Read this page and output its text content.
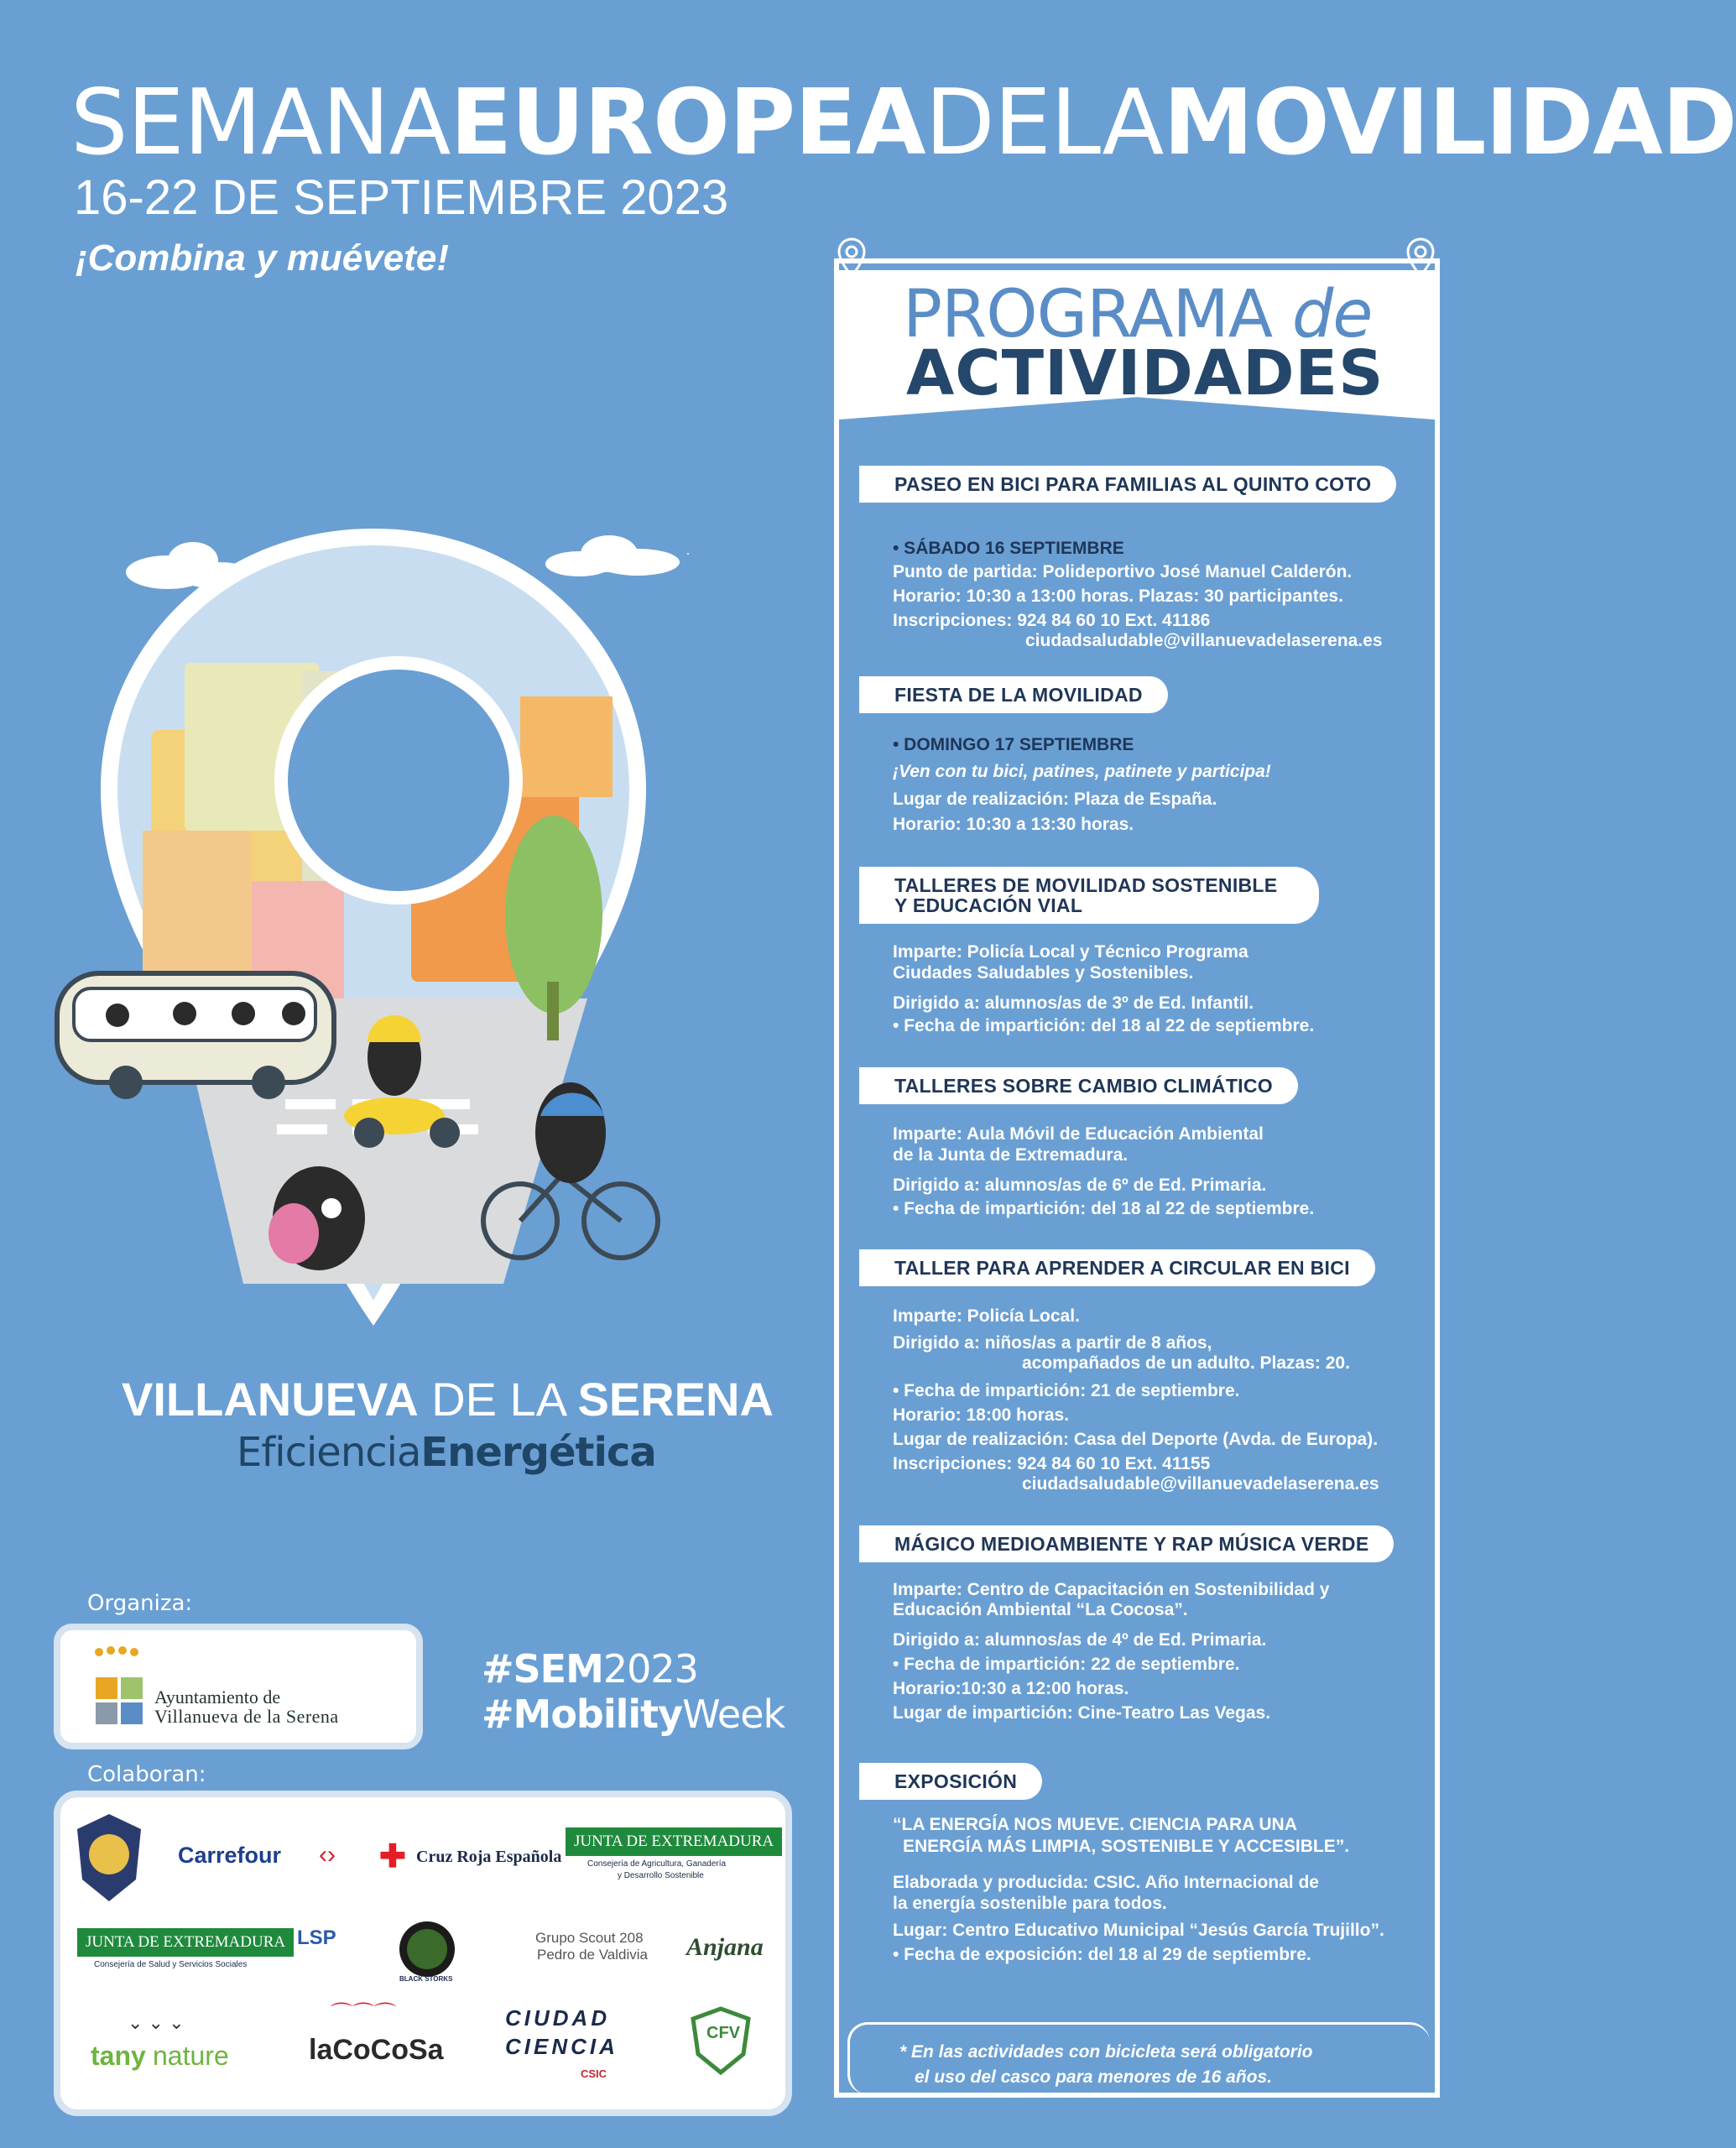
SEMANAEUROPEADELAMOVILIDAD
16-22 DE SEPTIEMBRE 2023
¡Combina y muévete!
VILLANUEVA DE LA SERENA
EficienciaEnergética
Organiza:
Ayuntamiento de
Villanueva de la Serena
#SEM2023
#MobilityWeek
Colaboran:
Carrefour ‹› ✚ Cruz Roja Española
JUNTA DE EXTREMADURA
Consejería de Agricultura, Ganadería
y Desarrollo Sostenible
JUNTA DE EXTREMADURA
Consejería de Salud y Servicios Sociales
LSP
BLACK STORKS
Grupo Scout 208
Pedro de Valdivia Anjana
tany nature
⌄ ⌄ ⌄	⌒⌒⌒
laCoCoSa
CIUDAD
CIENCIA
CSIC
CFV
PROGRAMA de
ACTIVIDADES
PASEO EN BICI PARA FAMILIAS AL QUINTO COTO
• SÁBADO 16 SEPTIEMBRE
Punto de partida: Polideportivo José Manuel Calderón.
Horario: 10:30 a 13:00 horas. Plazas: 30 participantes.
Inscripciones: 924 84 60 10 Ext. 41186
ciudadsaludable@villanuevadelaserena.es
FIESTA DE LA MOVILIDAD
• DOMINGO 17 SEPTIEMBRE
¡Ven con tu bici, patines, patinete y participa!
Lugar de realización: Plaza de España.
Horario: 10:30 a 13:30 horas.
TALLERES DE MOVILIDAD SOSTENIBLE
Y EDUCACIÓN VIAL
Imparte: Policía Local y Técnico Programa
Ciudades Saludables y Sostenibles.
Dirigido a: alumnos/as de 3º de Ed. Infantil.
• Fecha de impartición: del 18 al 22 de septiembre.
TALLERES SOBRE CAMBIO CLIMÁTICO
Imparte: Aula Móvil de Educación Ambiental
de la Junta de Extremadura.
Dirigido a: alumnos/as de 6º de Ed. Primaria.
• Fecha de impartición: del 18 al 22 de septiembre.
TALLER PARA APRENDER A CIRCULAR EN BICI
Imparte: Policía Local.
Dirigido a: niños/as a partir de 8 años,
acompañados de un adulto. Plazas: 20.
• Fecha de impartición: 21 de septiembre.
Horario: 18:00 horas.
Lugar de realización: Casa del Deporte (Avda. de Europa).
Inscripciones: 924 84 60 10 Ext. 41155
ciudadsaludable@villanuevadelaserena.es
MÁGICO MEDIOAMBIENTE Y RAP MÚSICA VERDE
Imparte: Centro de Capacitación en Sostenibilidad y
Educación Ambiental “La Cocosa”.
Dirigido a: alumnos/as de 4º de Ed. Primaria.
• Fecha de impartición: 22 de septiembre.
Horario:10:30 a 12:00 horas.
Lugar de impartición: Cine-Teatro Las Vegas.
EXPOSICIÓN
“LA ENERGÍA NOS MUEVE. CIENCIA PARA UNA
ENERGÍA MÁS LIMPIA, SOSTENIBLE Y ACCESIBLE”.
Elaborada y producida: CSIC. Año Internacional de
la energía sostenible para todos.
Lugar: Centro Educativo Municipal “Jesús García Trujillo”.
• Fecha de exposición: del 18 al 29 de septiembre.
* En las actividades con bicicleta será obligatorio
el uso del casco para menores de 16 años.
